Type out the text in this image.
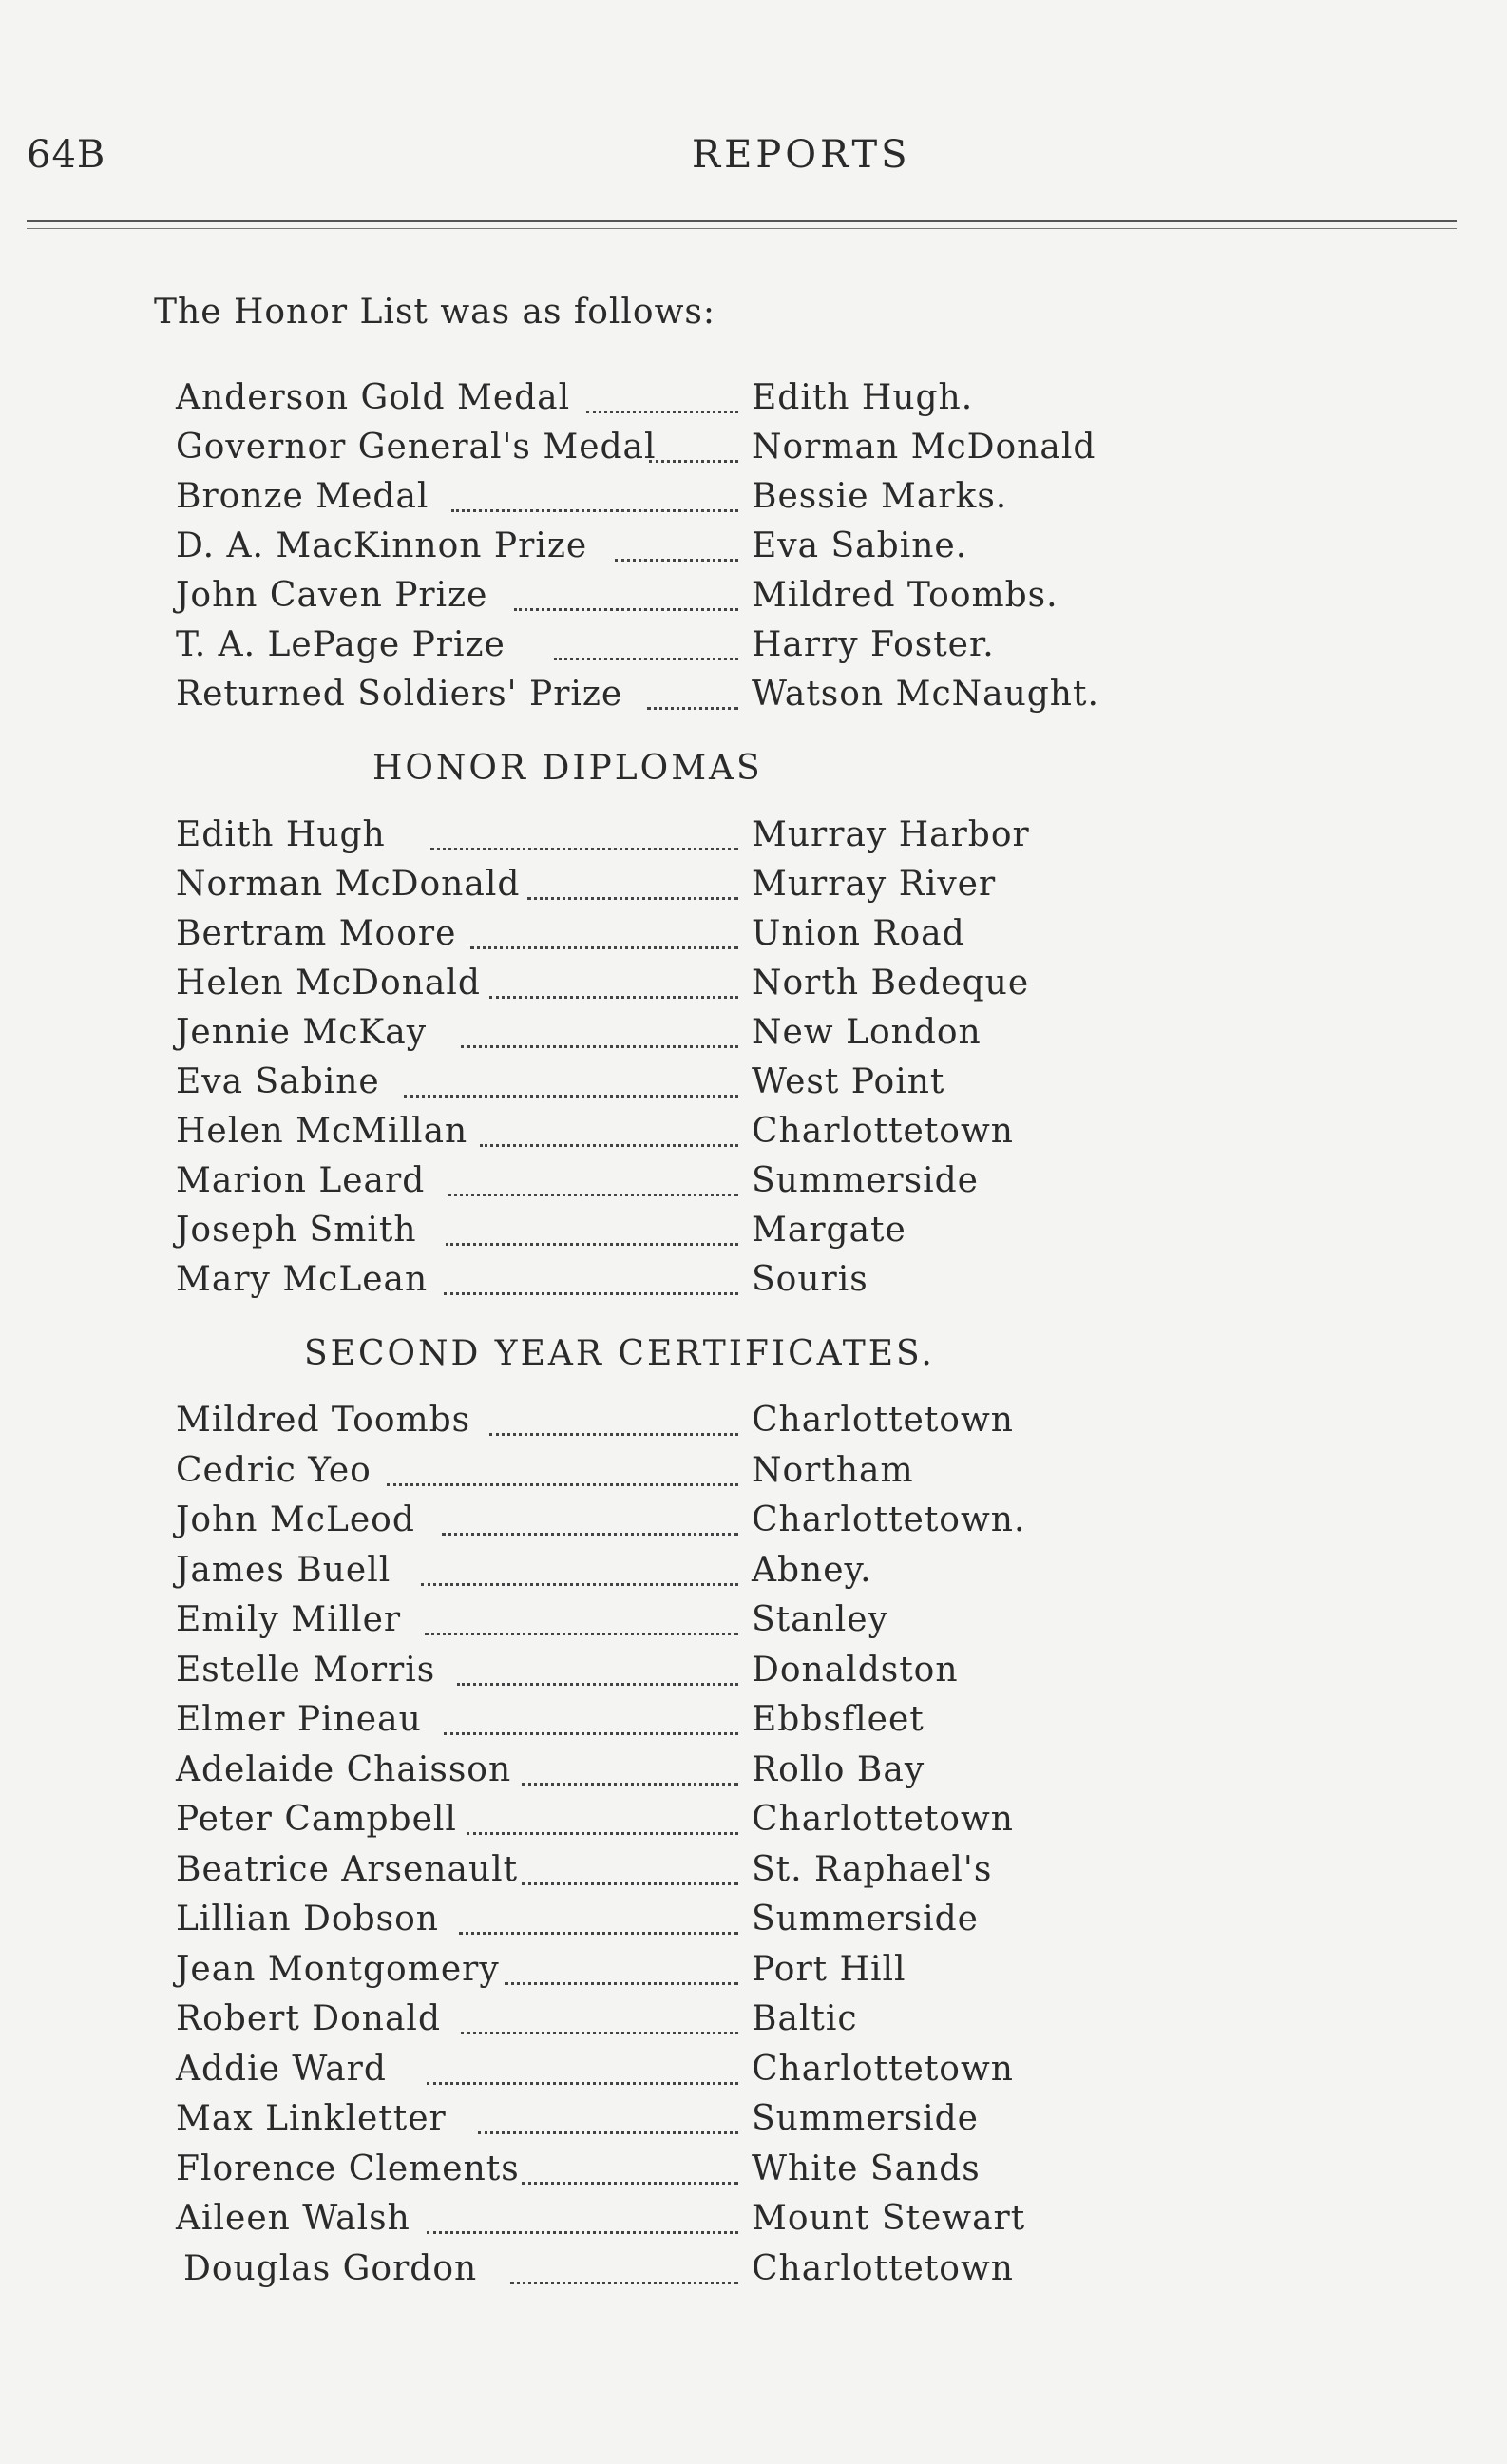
64B	REPORTS
The Honor List was as follows:
Anderson Gold Medal	Edith Hugh.
Governor General's Medal	Norman McDonald
Bronze Medal	Bessie Marks.
D. A. MacKinnon Prize	Eva Sabine.
John Caven Prize	Mildred Toombs.
T. A. LePage Prize	Harry Foster.
Returned Soldiers' Prize	Watson McNaught.
HONOR DIPLOMAS
Edith Hugh	Murray Harbor
Norman McDonald	Murray River
Bertram Moore	Union Road
Helen McDonald	North Bedeque
Jennie McKay	New London
Eva Sabine	West Point
Helen McMillan	Charlottetown
Marion Leard	Summerside
Joseph Smith	Margate
Mary McLean	Souris
SECOND YEAR CERTIFICATES.
Mildred Toombs	Charlottetown
Cedric Yeo	Northam
John McLeod	Charlottetown.
James Buell	Abney.
Emily Miller	Stanley
Estelle Morris	Donaldston
Elmer Pineau	Ebbsfleet
Adelaide Chaisson	Rollo Bay
Peter Campbell	Charlottetown
Beatrice Arsenault	St. Raphael's
Lillian Dobson	Summerside
Jean Montgomery	Port Hill
Robert Donald	Baltic
Addie Ward	Charlottetown
Max Linkletter	Summerside
Florence Clements	White Sands
Aileen Walsh	Mount Stewart
Douglas Gordon	Charlottetown
